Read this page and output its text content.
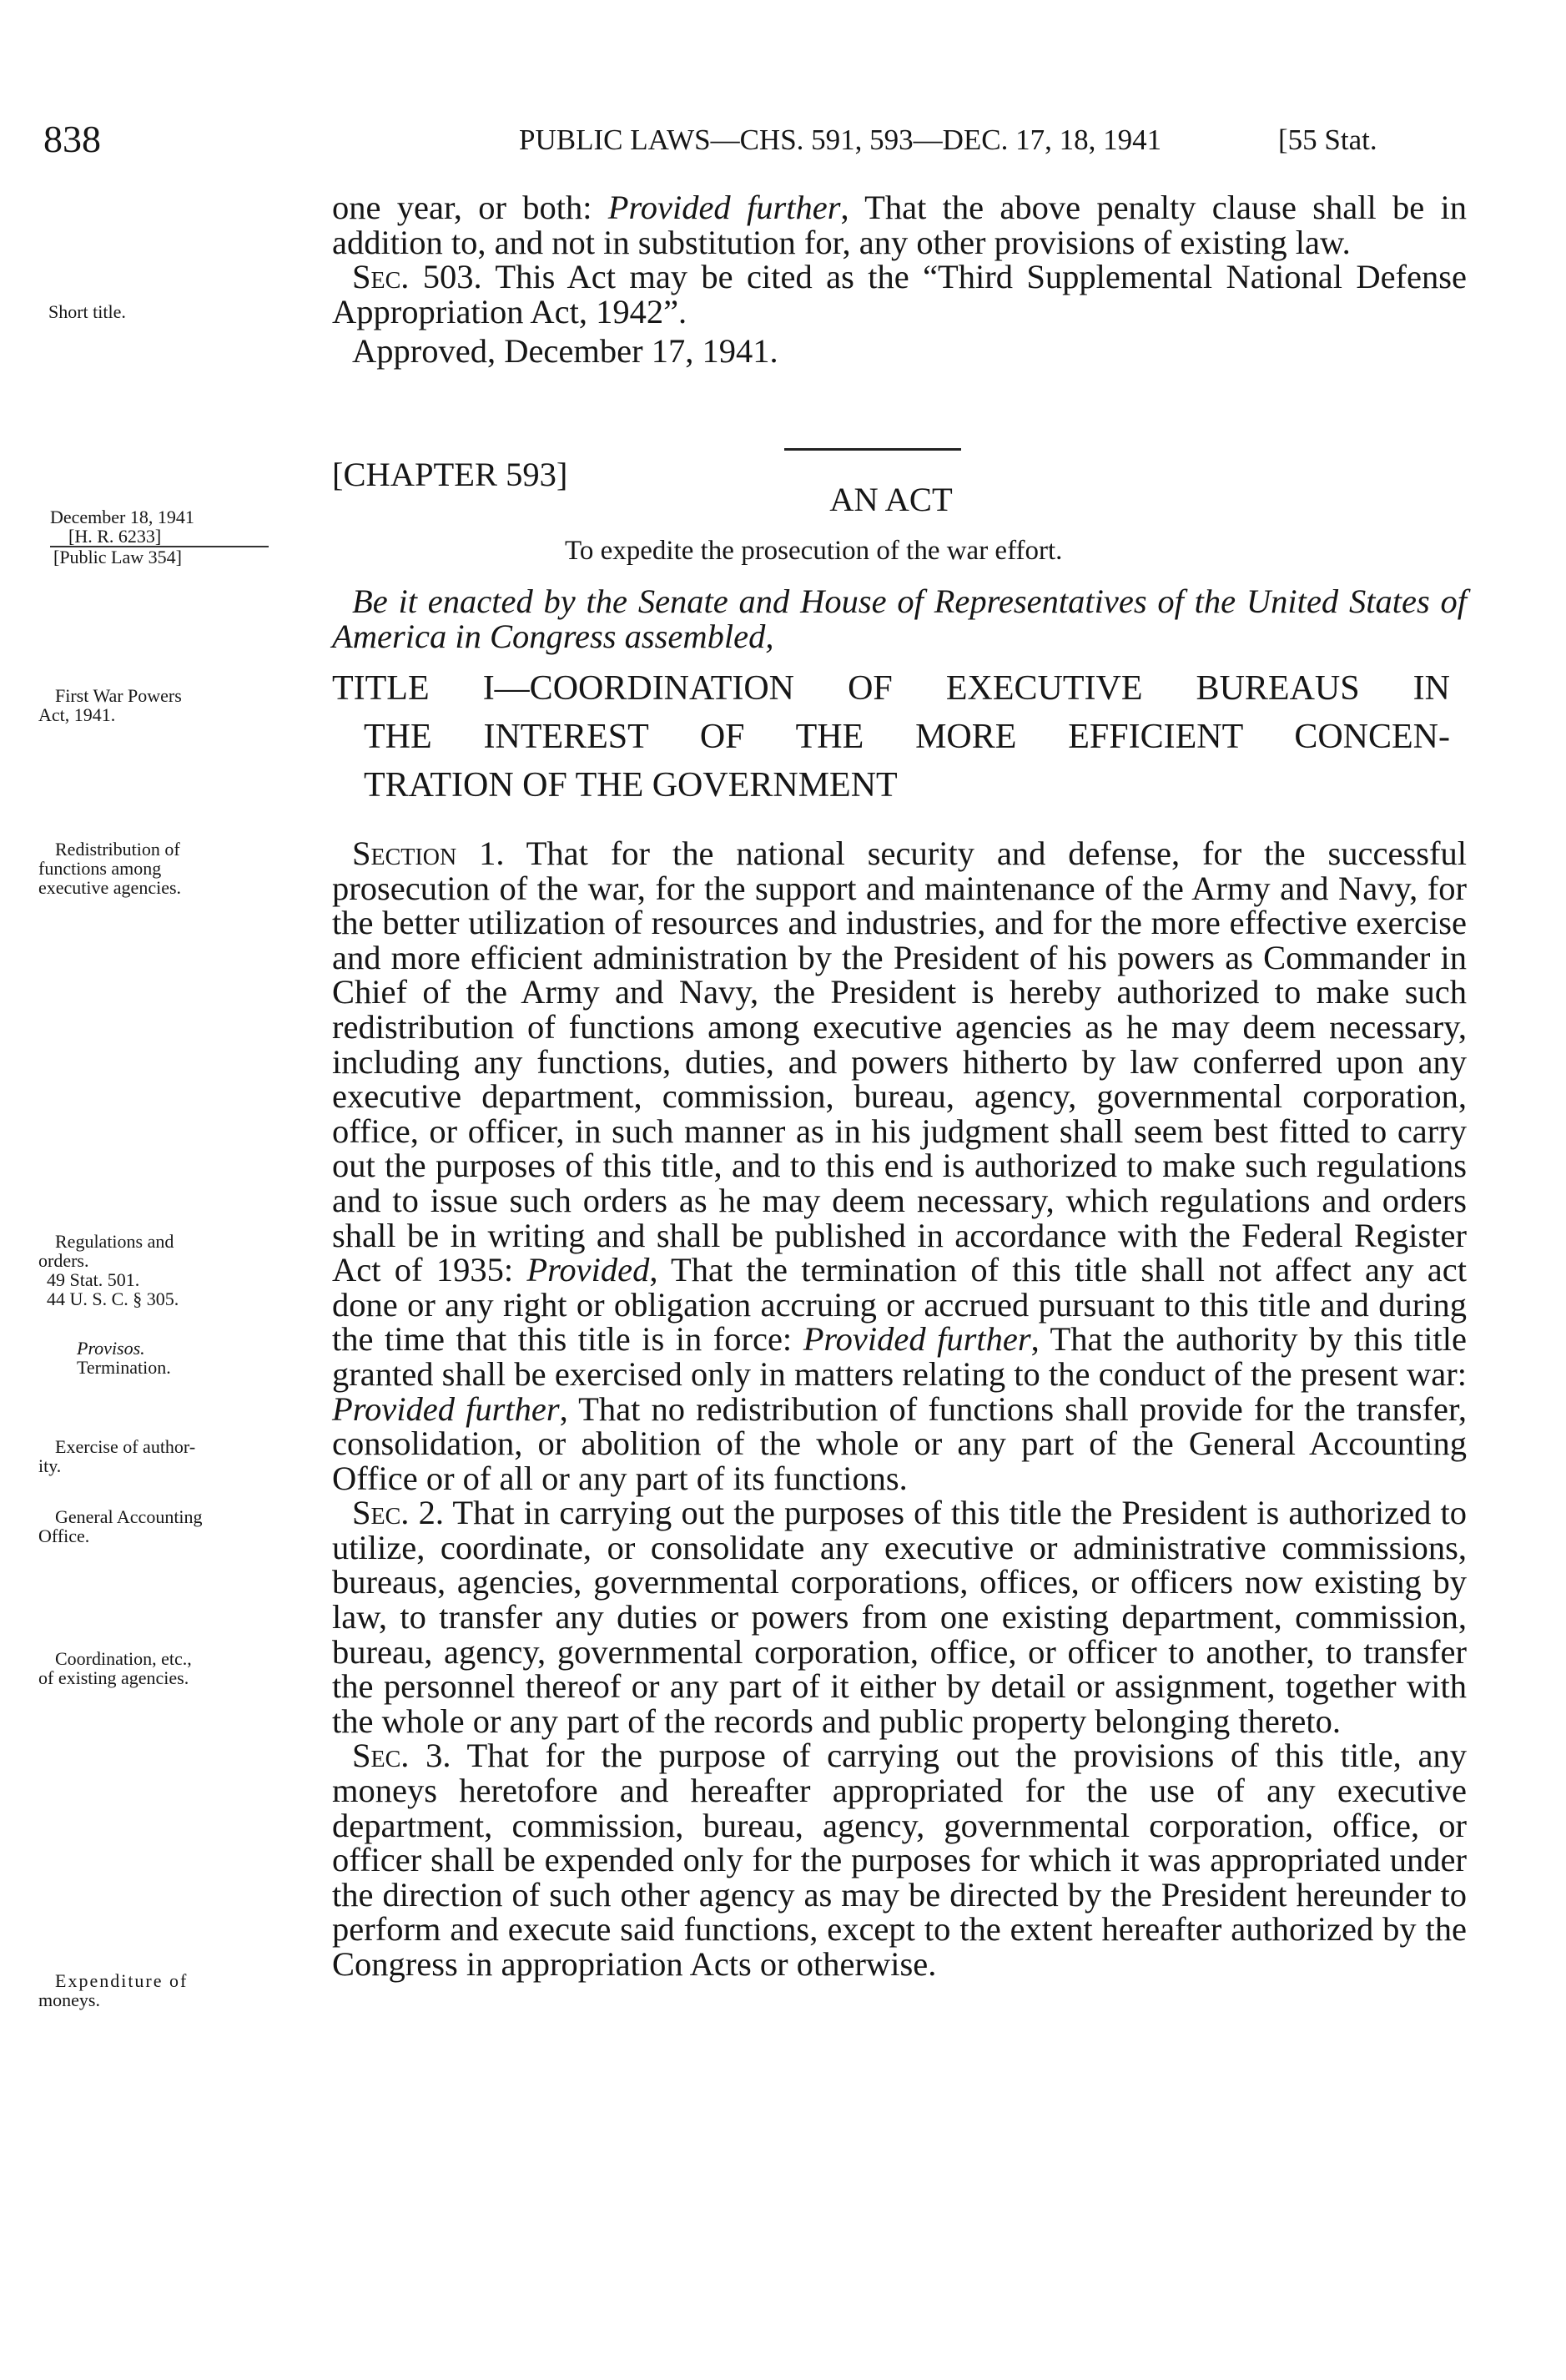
838	PUBLIC LAWS—CHS. 591, 593—DEC. 17, 18, 1941	[55 Stat.

one year, or both: Provided further, That the above penalty clause shall be in addition to, and not in substitution for, any other provisions of existing law.

Sec. 503. This Act may be cited as the “Third Supplemental National Defense Appropriation Act, 1942”.

Approved, December 17, 1941.

[CHAPTER 593]
AN ACT
To expedite the prosecution of the war effort.

Be it enacted by the Senate and House of Representatives of the United States of America in Congress assembled,

TITLE I—COORDINATION OF EXECUTIVE BUREAUS IN
THE INTEREST OF THE MORE EFFICIENT CONCEN-
TRATION OF THE GOVERNMENT

Section 1. That for the national security and defense, for the successful prosecution of the war, for the support and maintenance of the Army and Navy, for the better utilization of resources and industries, and for the more effective exercise and more efficient administration by the President of his powers as Commander in Chief of the Army and Navy, the President is hereby authorized to make such redistribution of functions among executive agencies as he may deem necessary, including any functions, duties, and powers hitherto by law conferred upon any executive department, commission, bureau, agency, governmental corporation, office, or officer, in such manner as in his judgment shall seem best fitted to carry out the purposes of this title, and to this end is authorized to make such regulations and to issue such orders as he may deem necessary, which regulations and orders shall be in writing and shall be published in accordance with the Federal Register Act of 1935: Provided, That the termination of this title shall not affect any act done or any right or obligation accruing or accrued pursuant to this title and during the time that this title is in force: Provided further, That the authority by this title granted shall be exercised only in matters relating to the conduct of the present war: Provided further, That no redistribution of functions shall provide for the transfer, consolidation, or abolition of the whole or any part of the General Accounting Office or of all or any part of its functions.

Sec. 2. That in carrying out the purposes of this title the President is authorized to utilize, coordinate, or consolidate any executive or administrative commissions, bureaus, agencies, governmental corporations, offices, or officers now existing by law, to transfer any duties or powers from one existing department, commission, bureau, agency, governmental corporation, office, or officer to another, to transfer the personnel thereof or any part of it either by detail or assignment, together with the whole or any part of the records and public property belonging thereto.

Sec. 3. That for the purpose of carrying out the provisions of this title, any moneys heretofore and hereafter appropriated for the use of any executive department, commission, bureau, agency, governmental corporation, office, or officer shall be expended only for the purposes for which it was appropriated under the direction of such other agency as may be directed by the President hereunder to perform and execute said functions, except to the extent hereafter authorized by the Congress in appropriation Acts or otherwise.

Short title.
December 18, 1941
[H. R. 6233]
[Public Law 354]
First War Powers
Act, 1941.
Redistribution of
functions among
executive agencies.
Regulations and
orders.
49 Stat. 501.
44 U. S. C. § 305.
Provisos.
Termination.
Exercise of author-
ity.
General Accounting
Office.
Coordination, etc.,
of existing agencies.
Expenditure of
moneys.
